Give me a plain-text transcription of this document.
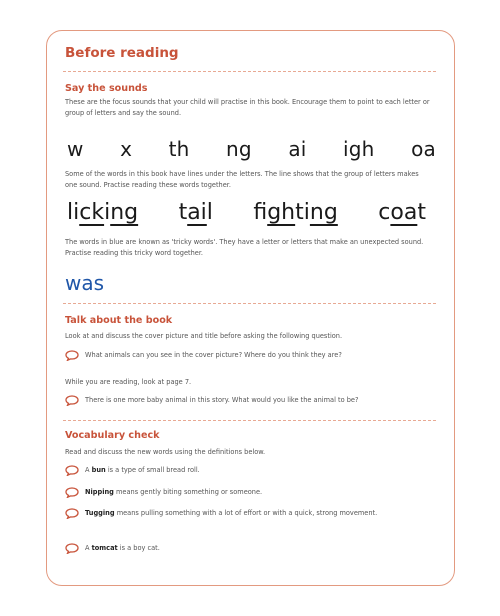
Before reading
Say the sounds
These are the focus sounds that your child will practise in this book. Encourage them to point to each letter or group of letters and say the sound.
w x th ng ai igh oa
Some of the words in this book have lines under the letters. The line shows that the group of letters makes one sound. Practise reading these words together.
licking tail fighting coat
The words in blue are known as 'tricky words'. They have a letter or letters that make an unexpected sound. Practise reading this tricky word together.
was
Talk about the book
Look at and discuss the cover picture and title before asking the following question.
What animals can you see in the cover picture? Where do you think they are?
While you are reading, look at page 7.
There is one more baby animal in this story. What would you like the animal to be?
Vocabulary check
Read and discuss the new words using the definitions below.
A bun is a type of small bread roll.
Nipping means gently biting something or someone.
Tugging means pulling something with a lot of effort or with a quick, strong movement.
A tomcat is a boy cat.
